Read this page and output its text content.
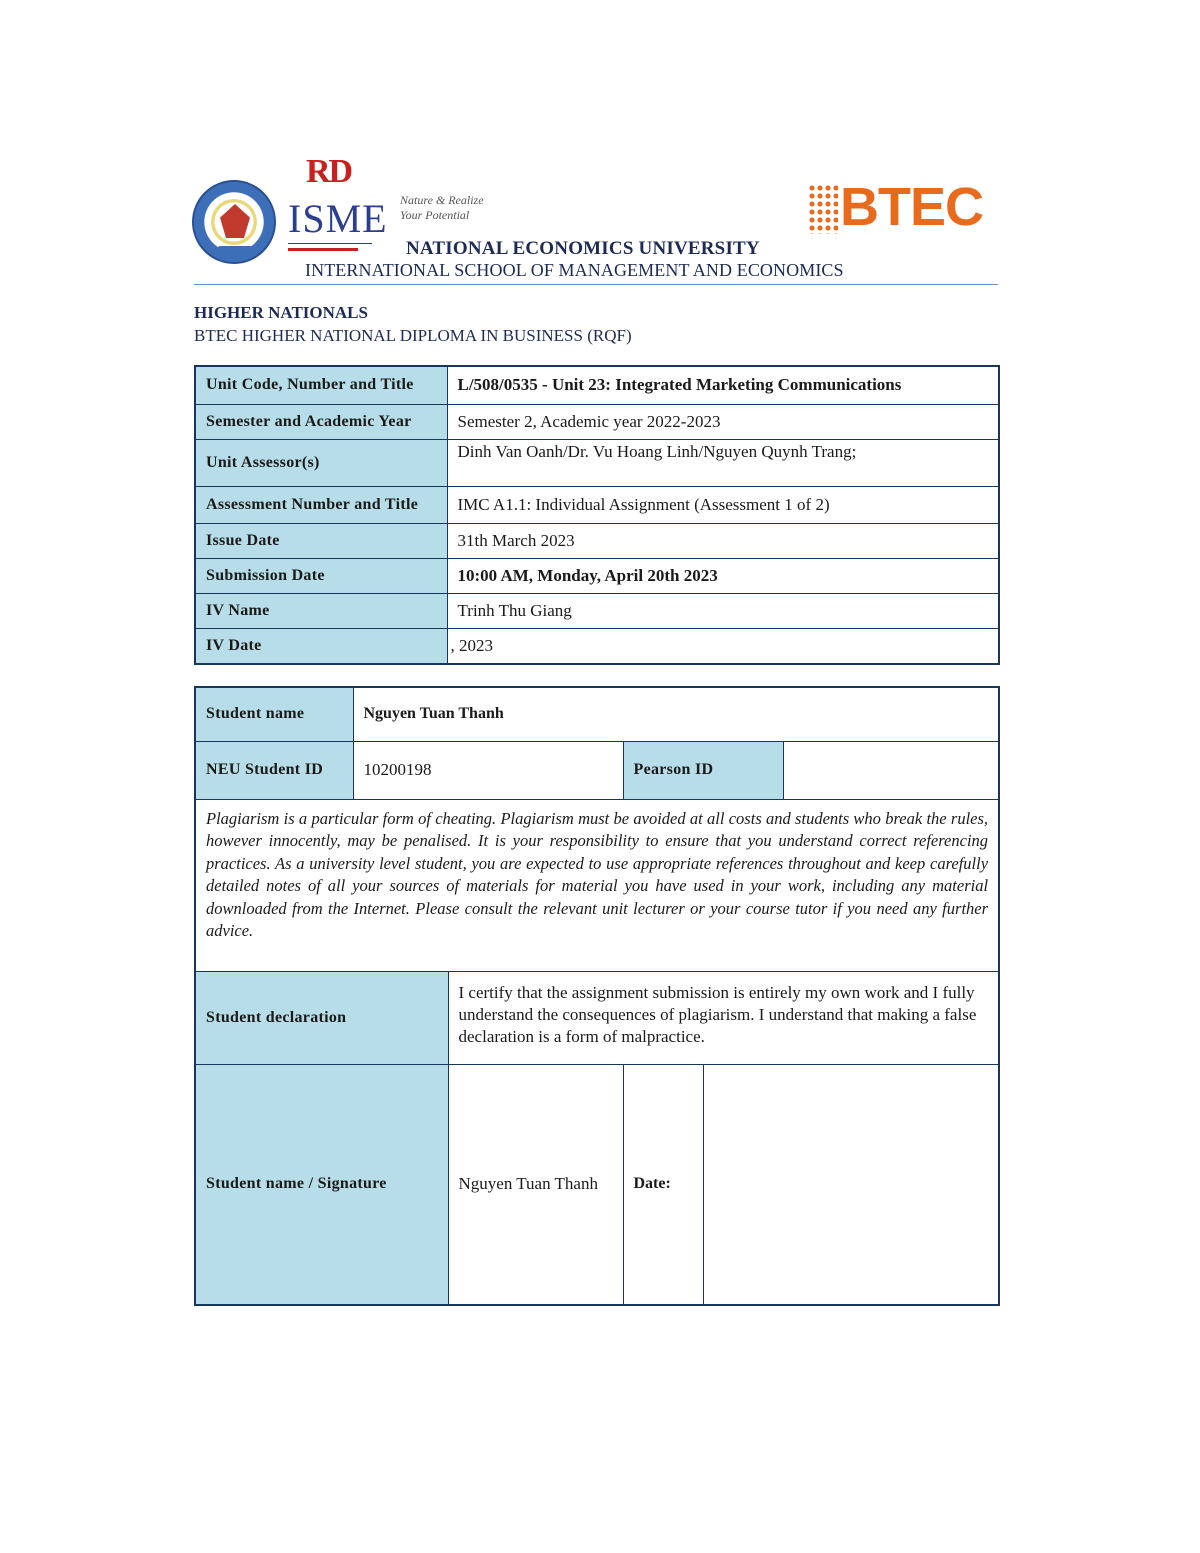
RD
ISME Nature & Realize
Your Potential	BTEC
NATIONAL ECONOMICS UNIVERSITY
INTERNATIONAL SCHOOL OF MANAGEMENT AND ECONOMICS
HIGHER NATIONALS
BTEC HIGHER NATIONAL DIPLOMA IN BUSINESS (RQF)
Unit Code, Number and Title	L/508/0535 - Unit 23: Integrated Marketing Communications
Semester and Academic Year	Semester 2, Academic year 2022-2023
Unit Assessor(s)	Dinh Van Oanh/Dr. Vu Hoang Linh/Nguyen Quynh Trang;
Assessment Number and Title	IMC A1.1: Individual Assignment (Assessment 1 of 2)
Issue Date	31th March 2023
Submission Date	10:00 AM, Monday, April 20th 2023
IV Name	Trinh Thu Giang
IV Date	, 2023
Student name	Nguyen Tuan Thanh				
NEU Student ID	10200198		Pearson ID		
Plagiarism is a particular form of cheating. Plagiarism must be avoided at all costs and students who break the rules, however innocently, may be penalised. It is your responsibility to ensure that you understand correct referencing practices. As a university level student, you are expected to use appropriate references throughout and keep carefully detailed notes of all your sources of materials for material you have used in your work, including any material downloaded from the Internet. Please consult the relevant unit lecturer or your course tutor if you need any further advice.					
Student declaration		I certify that the assignment submission is entirely my own work and I fully understand the consequences of plagiarism. I understand that making a false declaration is a form of malpractice.			
Student name / Signature		Nguyen Tuan Thanh	Date:		
